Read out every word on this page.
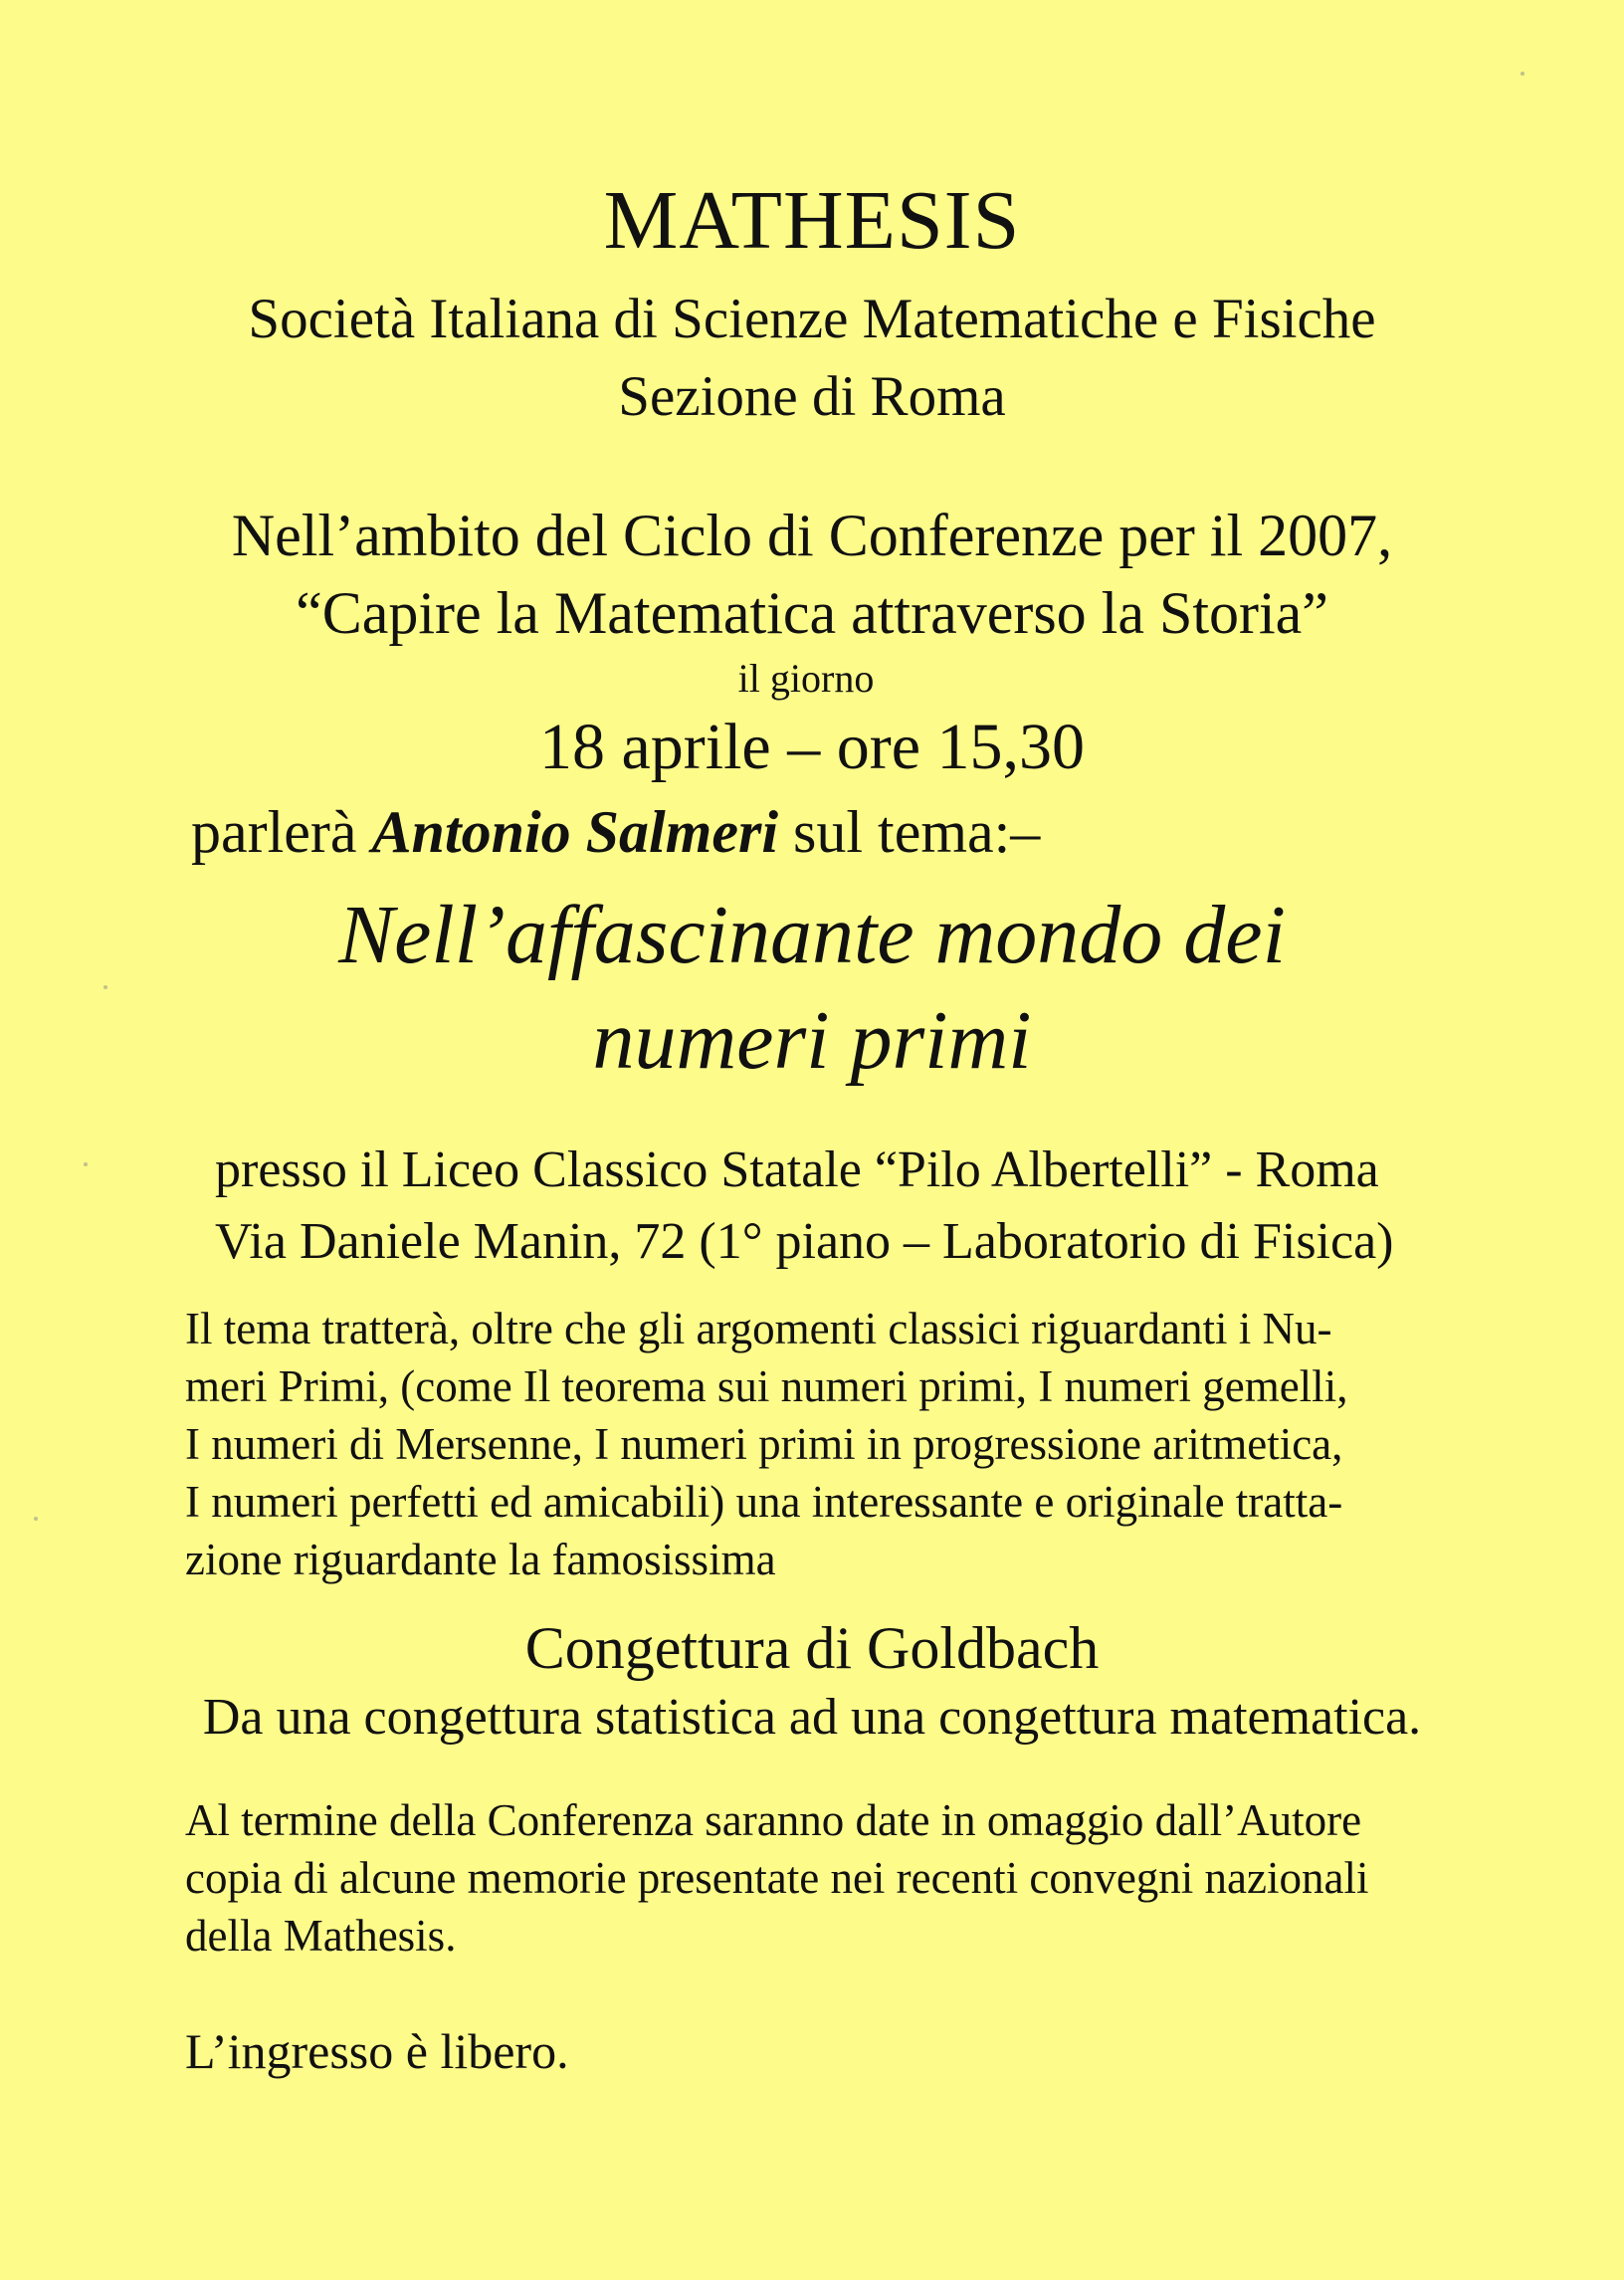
MATHESIS
Società Italiana di Scienze Matematiche e Fisiche
Sezione di Roma
Nell’ambito del Ciclo di Conferenze per il 2007,
“Capire la Matematica attraverso la Storia”
il giorno
18 aprile – ore 15,30
parlerà Antonio Salmeri sul tema:–
Nell’affascinante mondo dei
numeri primi
presso il Liceo Classico Statale “Pilo Albertelli” - Roma
Via Daniele Manin, 72 (1° piano – Laboratorio di Fisica)
Il tema tratterà, oltre che gli argomenti classici riguardanti i Nu-
meri Primi, (come Il teorema sui numeri primi, I numeri gemelli,
I numeri di Mersenne, I numeri primi in progressione aritmetica,
I numeri perfetti ed amicabili) una interessante e originale tratta-
zione riguardante la famosissima
Congettura di Goldbach
Da una congettura statistica ad una congettura matematica.
Al termine della Conferenza saranno date in omaggio dall’Autore
copia di alcune memorie presentate nei recenti convegni nazionali
della Mathesis.
L’ingresso è libero.
